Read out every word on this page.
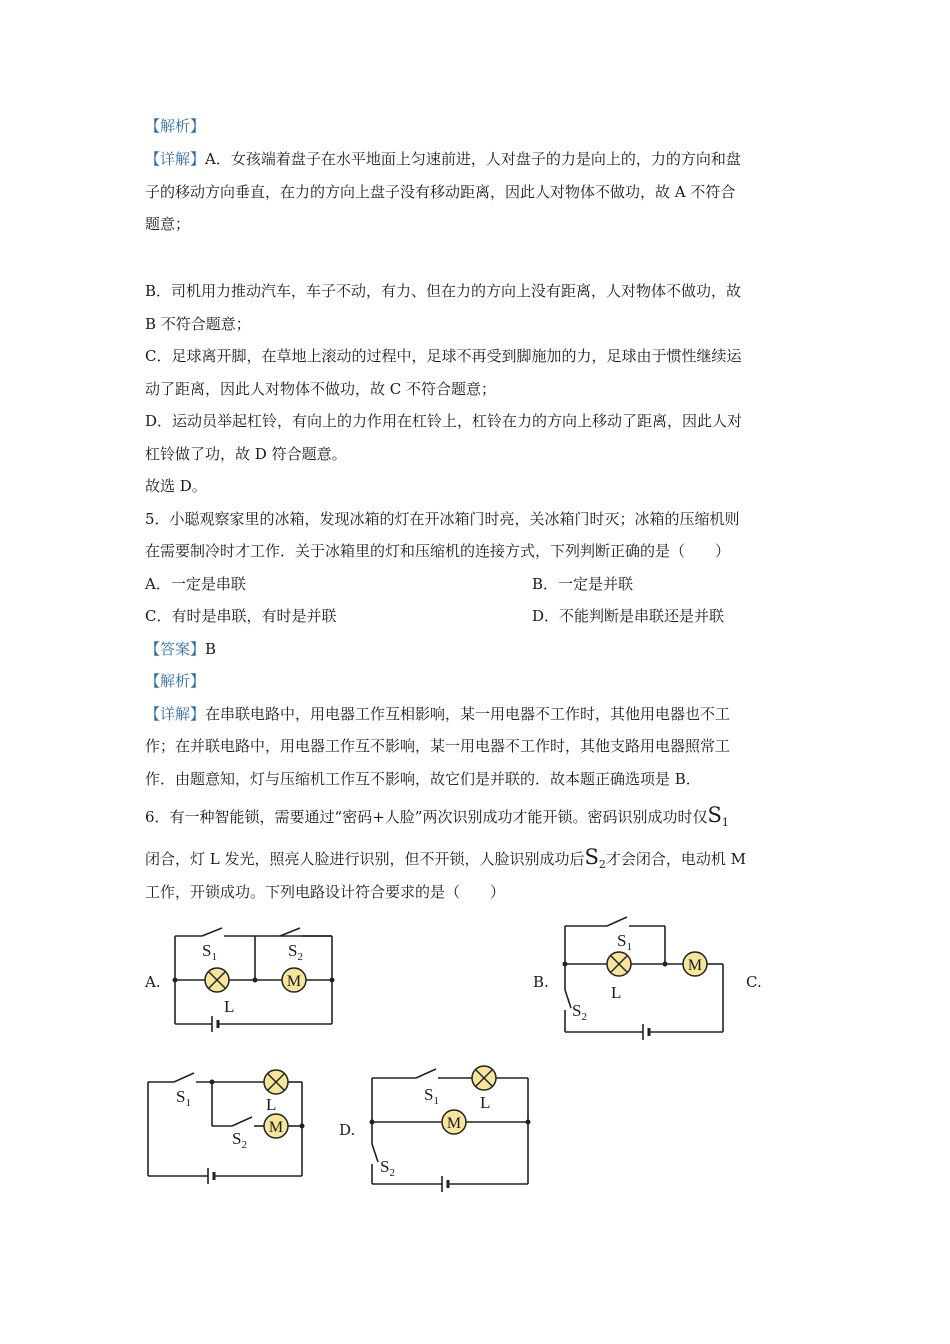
【解析】
【详解】A．女孩端着盘子在水平地面上匀速前进，人对盘子的力是向上的，力的方向和盘
子的移动方向垂直，在力的方向上盘子没有移动距离，因此人对物体不做功，故 A 不符合
题意；
B．司机用力推动汽车，车子不动，有力、但在力的方向上没有距离，人对物体不做功，故
B 不符合题意；
C．足球离开脚，在草地上滚动的过程中，足球不再受到脚施加的力，足球由于惯性继续运
动了距离，因此人对物体不做功，故 C 不符合题意；
D．运动员举起杠铃，有向上的力作用在杠铃上，杠铃在力的方向上移动了距离，因此人对
杠铃做了功，故 D 符合题意。
故选 D。
5．小聪观察家里的冰箱，发现冰箱的灯在开冰箱门时亮，关冰箱门时灭；冰箱的压缩机则
在需要制冷时才工作．关于冰箱里的灯和压缩机的连接方式，下列判断正确的是（　　）
A．一定是串联	B．一定是并联
C．有时是串联，有时是并联	D．不能判断是串联还是并联
【答案】B
【解析】
【详解】在串联电路中，用电器工作互相影响，某一用电器不工作时，其他用电器也不工
作；在并联电路中，用电器工作互不影响，某一用电器不工作时，其他支路用电器照常工
作．由题意知，灯与压缩机工作互不影响，故它们是并联的．故本题正确选项是 B．
6．有一种智能锁，需要通过“密码+人脸”两次识别成功才能开锁。密码识别成功时仅S1
闭合，灯 L 发光，照亮人脸进行识别，但不开锁，人脸识别成功后S2才会闭合，电动机 M
工作，开锁成功。下列电路设计符合要求的是（　　）
A.	B.	C.
D.
M
$S_1$	$S_2$
L
M
$S_1$
L
$S_2$
M
$S_1$	L
$S_2$
M
$S_1$ L
$S_2$
